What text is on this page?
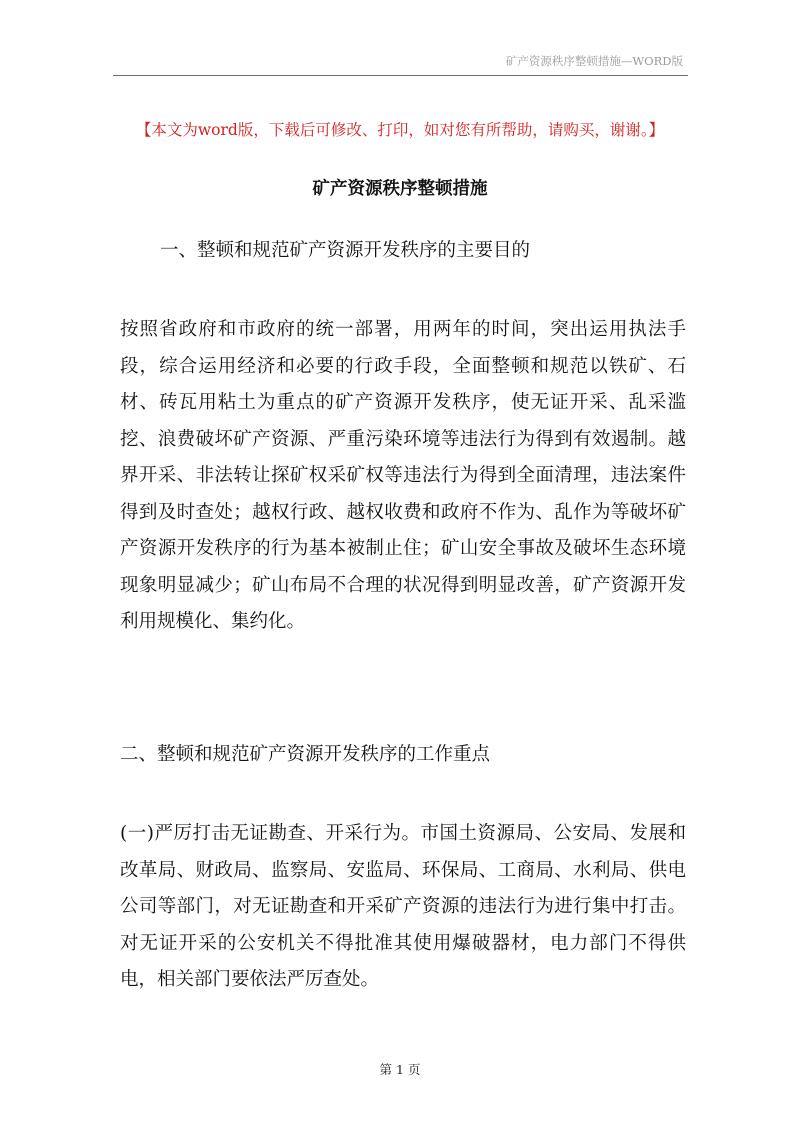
矿产资源秩序整顿措施—WORD版
【本文为word版，下载后可修改、打印，如对您有所帮助，请购买，谢谢。】
矿产资源秩序整顿措施
一、整顿和规范矿产资源开发秩序的主要目的
按照省政府和市政府的统一部署，用两年的时间，突出运用执法手段，综合运用经济和必要的行政手段，全面整顿和规范以铁矿、石材、砖瓦用粘土为重点的矿产资源开发秩序，使无证开采、乱采滥挖、浪费破坏矿产资源、严重污染环境等违法行为得到有效遏制。越界开采、非法转让探矿权采矿权等违法行为得到全面清理，违法案件得到及时查处；越权行政、越权收费和政府不作为、乱作为等破坏矿产资源开发秩序的行为基本被制止住；矿山安全事故及破坏生态环境现象明显减少；矿山布局不合理的状况得到明显改善，矿产资源开发利用规模化、集约化。
二、整顿和规范矿产资源开发秩序的工作重点
(一)严厉打击无证勘查、开采行为。市国土资源局、公安局、发展和改革局、财政局、监察局、安监局、环保局、工商局、水利局、供电公司等部门，对无证勘查和开采矿产资源的违法行为进行集中打击。对无证开采的公安机关不得批准其使用爆破器材，电力部门不得供电，相关部门要依法严厉查处。
第 1 页
